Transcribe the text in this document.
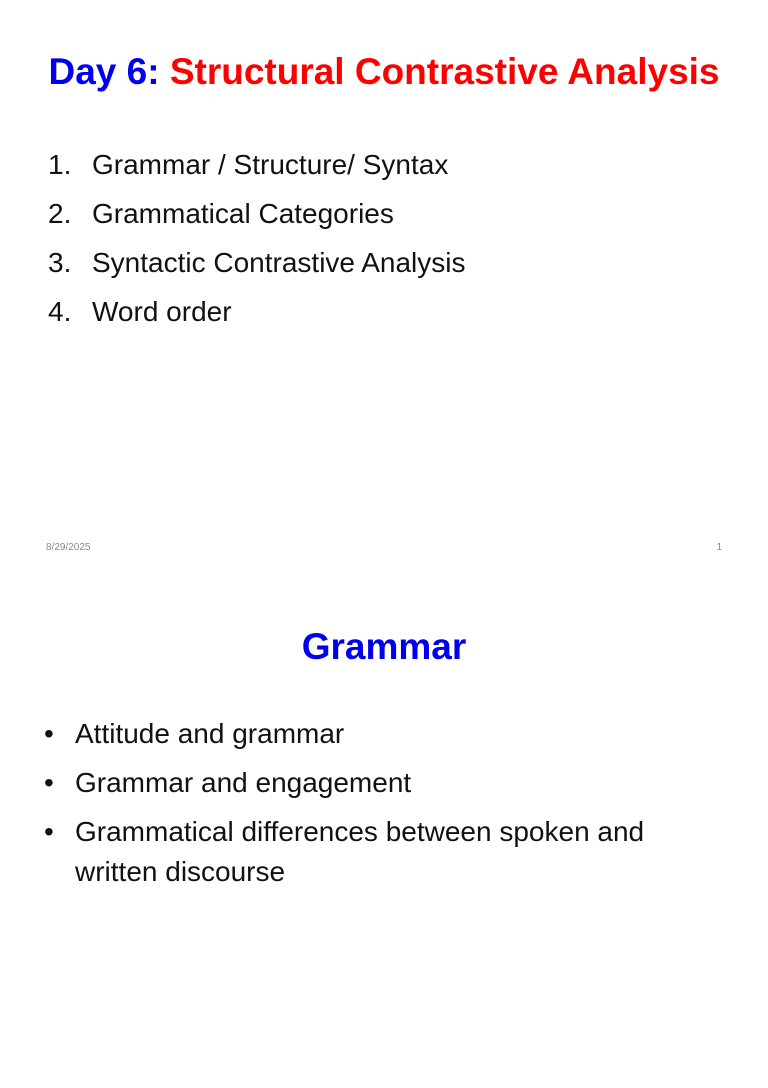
Day 6: Structural Contrastive Analysis
1. Grammar / Structure/ Syntax
2. Grammatical Categories
3. Syntactic Contrastive Analysis
4. Word order
8/29/2025	1
Grammar
• Attitude and grammar
• Grammar and engagement
• Grammatical differences between spoken and written discourse
